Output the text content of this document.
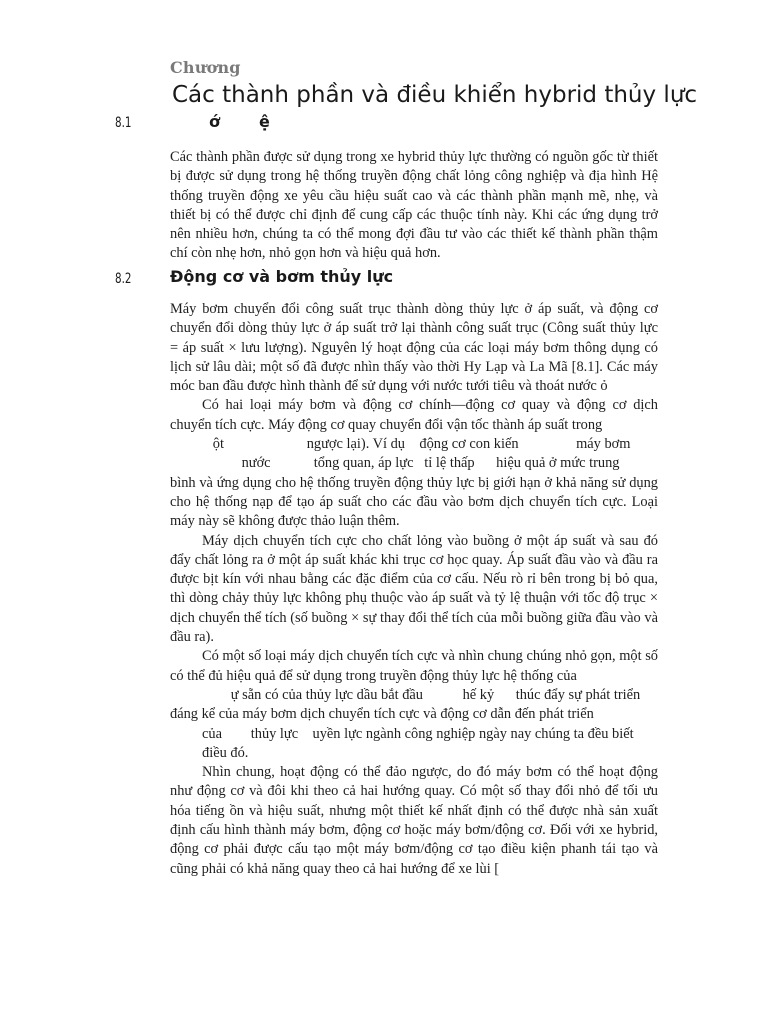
Chương
Các thành phần và điều khiển hybrid thủy lực
8.1 ớ       ệ

Các thành phần được sử dụng trong xe hybrid thủy lực thường có nguồn gốc từ thiết bị được sử dụng trong hệ thống truyền động chất lỏng công nghiệp và địa hình Hệ thống truyền động xe yêu cầu hiệu suất cao và các thành phần mạnh mẽ, nhẹ, và thiết bị có thể được chỉ định để cung cấp các thuộc tính này. Khi các ứng dụng trở nên nhiều hơn, chúng ta có thể mong đợi đầu tư vào các thiết kế thành phần thậm chí còn nhẹ hơn, nhỏ gọn hơn và hiệu quả hơn.

8.2 Động cơ và bơm thủy lực

Máy bơm chuyển đổi công suất trục thành dòng thủy lực ở áp suất, và động cơ chuyển đổi dòng thủy lực ở áp suất trở lại thành công suất trục (Công suất thủy lực = áp suất × lưu lượng). Nguyên lý hoạt động của các loại máy bơm thông dụng có lịch sử lâu dài; một số đã được nhìn thấy vào thời Hy Lạp và La Mã [8.1]. Các máy móc ban đầu được hình thành để sử dụng với nước tưới tiêu và thoát nước ỏ

Có hai loại máy bơm và động cơ chính—động cơ quay và động cơ dịch chuyển tích cực. Máy động cơ quay chuyển đổi vận tốc thành áp suất trong
ột                       ngược lại). Ví dụ    động cơ con kiến                máy bơm
nước            tổng quan, áp lực   tỉ lệ thấp      hiệu quả ở mức trung
bình và ứng dụng cho hệ thống truyền động thủy lực bị giới hạn ở khả năng sử dụng cho hệ thống nạp để tạo áp suất cho các đầu vào bơm dịch chuyển tích cực. Loại máy này sẽ không được thảo luận thêm.

Máy dịch chuyển tích cực cho chất lỏng vào buồng ở một áp suất và sau đó đẩy chất lỏng ra ở một áp suất khác khi trục cơ học quay. Áp suất đầu vào và đầu ra được bịt kín với nhau bằng các đặc điểm của cơ cấu. Nếu rò rỉ bên trong bị bỏ qua, thì dòng chảy thủy lực không phụ thuộc vào áp suất và tỷ lệ thuận với tốc độ trục × dịch chuyển thể tích (số buồng × sự thay đổi thể tích của mỗi buồng giữa đầu vào và đầu ra).

Có một số loại máy dịch chuyển tích cực và nhìn chung chúng nhỏ gọn, một số có thể đủ hiệu quả để sử dụng trong truyền động thủy lực hệ thống của
ự sẵn có của thủy lực dầu bắt đầu           hế kỷ      thúc đẩy sự phát triển
đáng kể của máy bơm dịch chuyển tích cực và động cơ dẫn đến phát triển
của        thủy lực    uyền lực ngành công nghiệp ngày nay chúng ta đều biết
điều đó.

Nhìn chung, hoạt động có thể đảo ngược, do đó máy bơm có thể hoạt động như động cơ và đôi khi theo cả hai hướng quay. Có một số thay đổi nhỏ để tối ưu hóa tiếng ồn và hiệu suất, nhưng một thiết kế nhất định có thể được nhà sản xuất định cấu hình thành máy bơm, động cơ hoặc máy bơm/động cơ. Đối với xe hybrid, động cơ phải được cấu tạo một máy bơm/động cơ tạo điều kiện phanh tái tạo và cũng phải có khả năng quay theo cả hai hướng để xe lùi [
